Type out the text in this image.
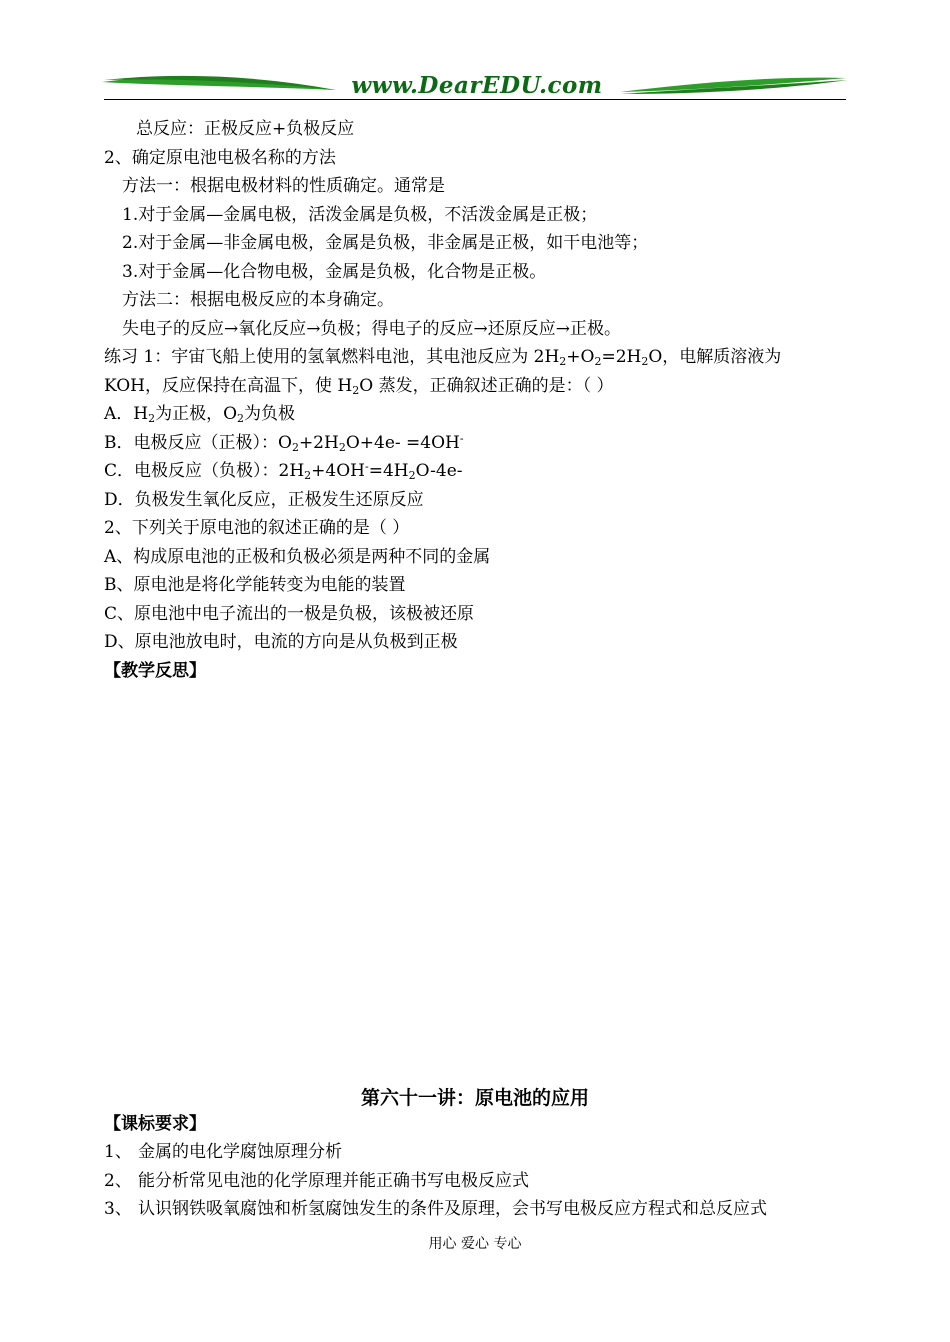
www.DearEDU.com
总反应：正极反应+负极反应
2、确定原电池电极名称的方法
方法一：根据电极材料的性质确定。通常是
1.对于金属—金属电极，活泼金属是负极，不活泼金属是正极；
2.对于金属—非金属电极，金属是负极，非金属是正极，如干电池等；
3.对于金属—化合物电极，金属是负极，化合物是正极。
方法二：根据电极反应的本身确定。
失电子的反应→氧化反应→负极；得电子的反应→还原反应→正极。
练习 1：宇宙飞船上使用的氢氧燃料电池，其电池反应为 $2H_2+O_2=2H_2O$，电解质溶液为
KOH，反应保持在高温下，使 $H_2O$ 蒸发，正确叙述正确的是：（ ）
A．$H_2$为正极，$O_2$为负极
B．电极反应（正极）：$O_2+2H_2O+4e- =4OH^-$
C．电极反应（负极）：$2H_2+4OH^-=4H_2O-4e-$
D．负极发生氧化反应，正极发生还原反应
2、下列关于原电池的叙述正确的是（ ）
A、构成原电池的正极和负极必须是两种不同的金属
B、原电池是将化学能转变为电能的装置
C、原电池中电子流出的一极是负极，该极被还原
D、原电池放电时，电流的方向是从负极到正极
【教学反思】
第六十一讲：原电池的应用
【课标要求】
1、 金属的电化学腐蚀原理分析
2、 能分析常见电池的化学原理并能正确书写电极反应式
3、 认识钢铁吸氧腐蚀和析氢腐蚀发生的条件及原理，会书写电极反应方程式和总反应式
用心 爱心 专心
